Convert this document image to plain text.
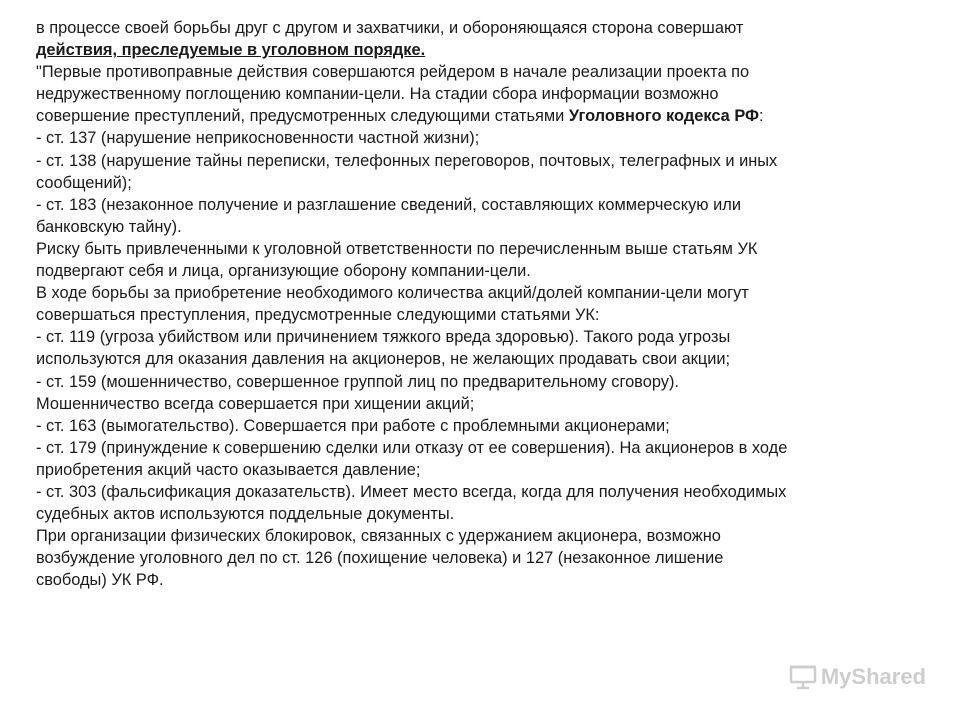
в процессе своей борьбы друг с другом и захватчики, и обороняющаяся сторона совершают
действия, преследуемые в уголовном порядке.
"Первые противоправные действия совершаются рейдером в начале реализации проекта по
недружественному поглощению компании-цели. На стадии сбора информации возможно
совершение преступлений, предусмотренных следующими статьями Уголовного кодекса РФ:
- ст. 137 (нарушение неприкосновенности частной жизни);
- ст. 138 (нарушение тайны переписки, телефонных переговоров, почтовых, телеграфных и иных
сообщений);
- ст. 183 (незаконное получение и разглашение сведений, составляющих коммерческую или
банковскую тайну).
Риску быть привлеченными к уголовной ответственности по перечисленным выше статьям УК
подвергают себя и лица, организующие оборону компании-цели.
В ходе борьбы за приобретение необходимого количества акций/долей компании-цели могут
совершаться преступления, предусмотренные следующими статьями УК:
- ст. 119 (угроза убийством или причинением тяжкого вреда здоровью). Такого рода угрозы
используются для оказания давления на акционеров, не желающих продавать свои акции;
- ст. 159 (мошенничество, совершенное группой лиц по предварительному сговору).
Мошенничество всегда совершается при хищении акций;
- ст. 163 (вымогательство). Совершается при работе с проблемными акционерами;
- ст. 179 (принуждение к совершению сделки или отказу от ее совершения). На акционеров в ходе
приобретения акций часто оказывается давление;
- ст. 303 (фальсификация доказательств). Имеет место всегда, когда для получения необходимых
судебных актов используются поддельные документы.
При организации физических блокировок, связанных с удержанием акционера, возможно
возбуждение уголовного дел по ст. 126 (похищение человека) и 127 (незаконное лишение
свободы) УК РФ.
MyShared
